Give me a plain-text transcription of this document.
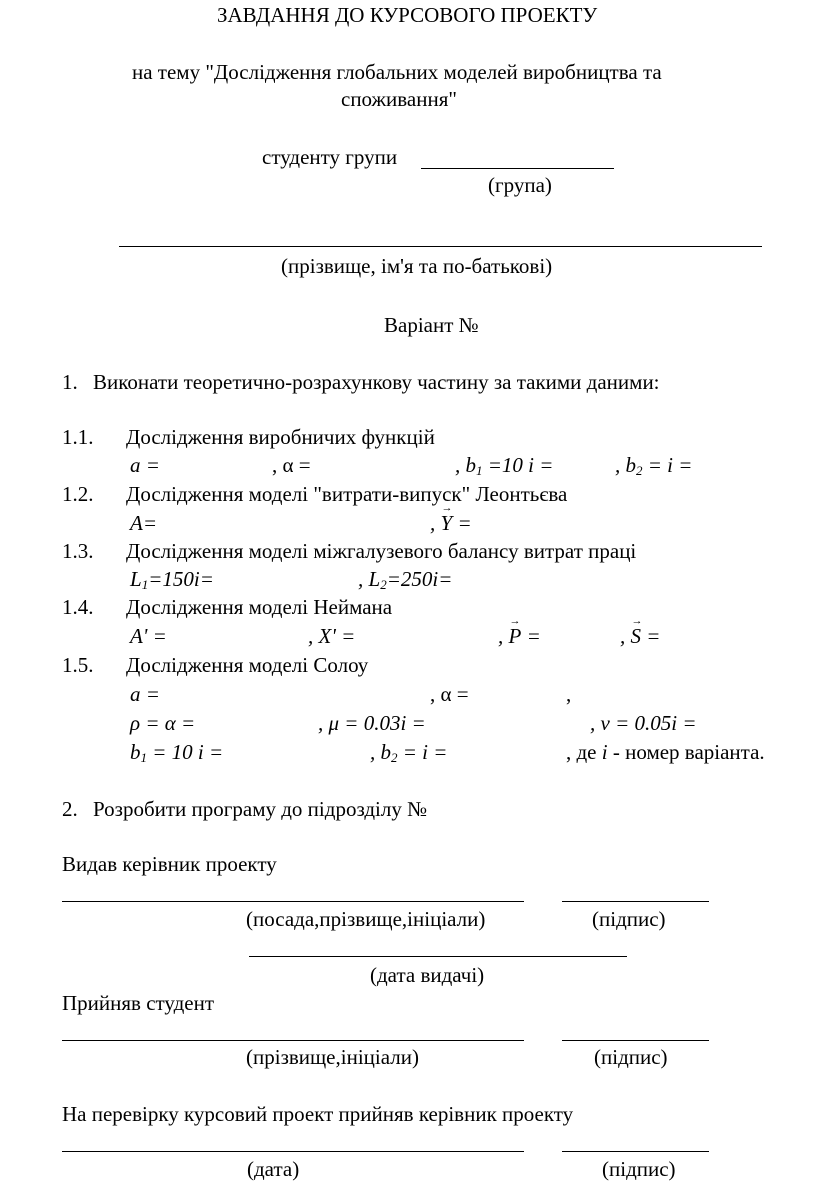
ЗАВДАННЯ ДО КУРСОВОГО ПРОЕКТУ
на тему "Дослідження глобальних моделей виробництва та
споживання"
студенту групи
(група)
(прізвище, ім'я та по-батькові)
Варіант №
1. Виконати теоретично-розрахункову частину за такими даними:
1.1. Дослідження виробничих функцій
a =	, α =	, $b_1 =10$ i =	, $b_2 = i$ =
1.2. Дослідження моделі "витрати-випуск" Леонтьєва
A=	, → Y =
1.3. Дослідження моделі міжгалузевого балансу витрат праці
$L_1=150i=$	, $L_2=250i=$
1.4. Дослідження моделі Неймана
A' =	, X' =	, → P =	, → S =
1.5. Дослідження моделі Солоу
a =	, α =	,
ρ = α =	, μ = 0.03i =	, ν = 0.05i =
$b_1 = 10$ i =	, $b_2 = i$ =	, де i - номер варіанта.
2. Розробити програму до підрозділу №
Видав керівник проекту
(посада,прізвище,ініціали)	(підпис)
(дата видачі)
Прийняв студент
(прізвище,ініціали)	(підпис)
На перевірку курсовий проект прийняв керівник проекту
(дата)	(підпис)
